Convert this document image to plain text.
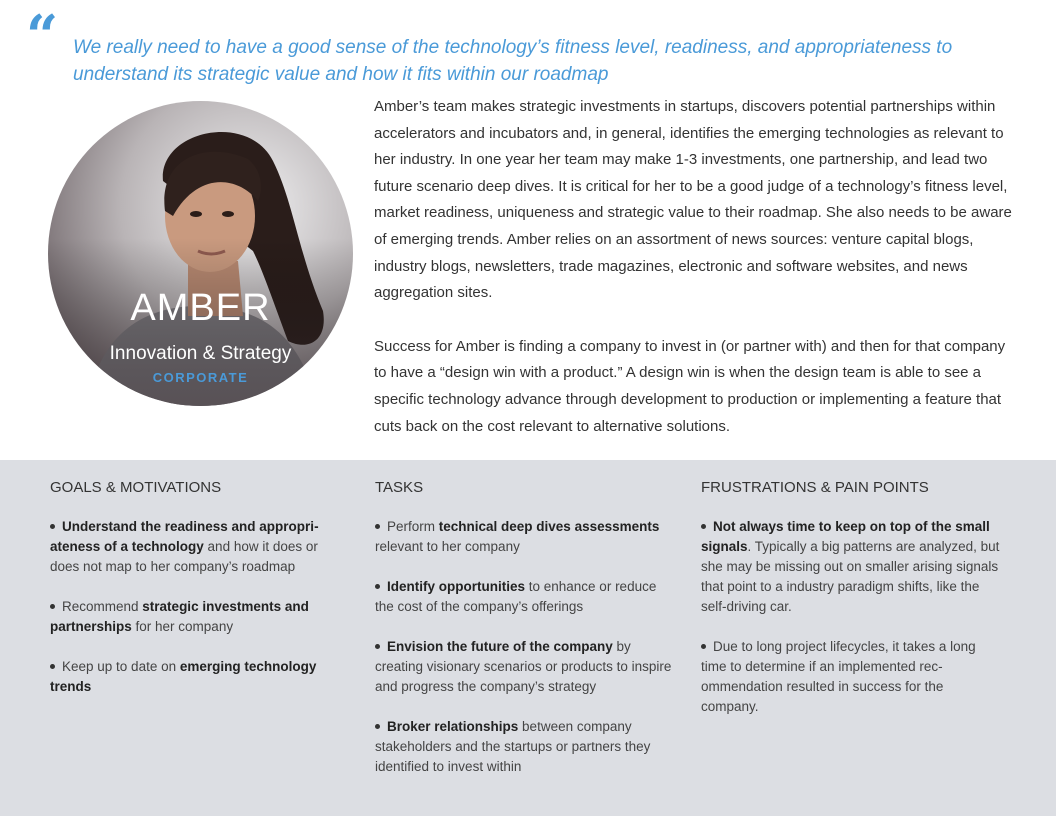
“ We really need to have a good sense of the technology’s fitness level, readiness, and appropriateness to understand its strategic value and how it fits within our roadmap
AMBER
Innovation & Strategy
CORPORATE

Amber’s team makes strategic investments in startups, discovers potential partnerships within accelerators and incubators and, in general, identifies the emerging technologies as relevant to her industry. In one year her team may make 1-3 investments, one partnership, and lead two future scenario deep dives. It is critical for her to be a good judge of a technology’s fitness level, market readiness, uniqueness and strategic value to their roadmap. She also needs to be aware of emerging trends. Amber relies on an assortment of news sources: venture capital blogs, industry blogs, newsletters, trade magazines, electronic and software websites, and news aggregation sites.

Success for Amber is finding a company to invest in (or partner with) and then for that company to have a “design win with a product.” A design win is when the design team is able to see a specific technology advance through development to production or implementing a feature that cuts back on the cost relevant to alternative solutions.

GOALS & MOTIVATIONS
Understand the readiness and appropriateness of a technology and how it does or does not map to her company’s roadmap
Recommend strategic investments and partnerships for her company
Keep up to date on emerging technology trends
TASKS
Perform technical deep dives assessments relevant to her company
Identify opportunities to enhance or reduce the cost of the company’s offerings
Envision the future of the company by creating visionary scenarios or products to inspire and progress the company’s strategy
Broker relationships between company stakeholders and the startups or partners they identified to invest within
FRUSTRATIONS & PAIN POINTS
Not always time to keep on top of the small signals. Typically a big patterns are analyzed, but she may be missing out on smaller arising signals that point to a industry paradigm shifts, like the self-driving car.
Due to long project lifecycles, it takes a long time to determine if an implemented recommendation resulted in success for the company.
